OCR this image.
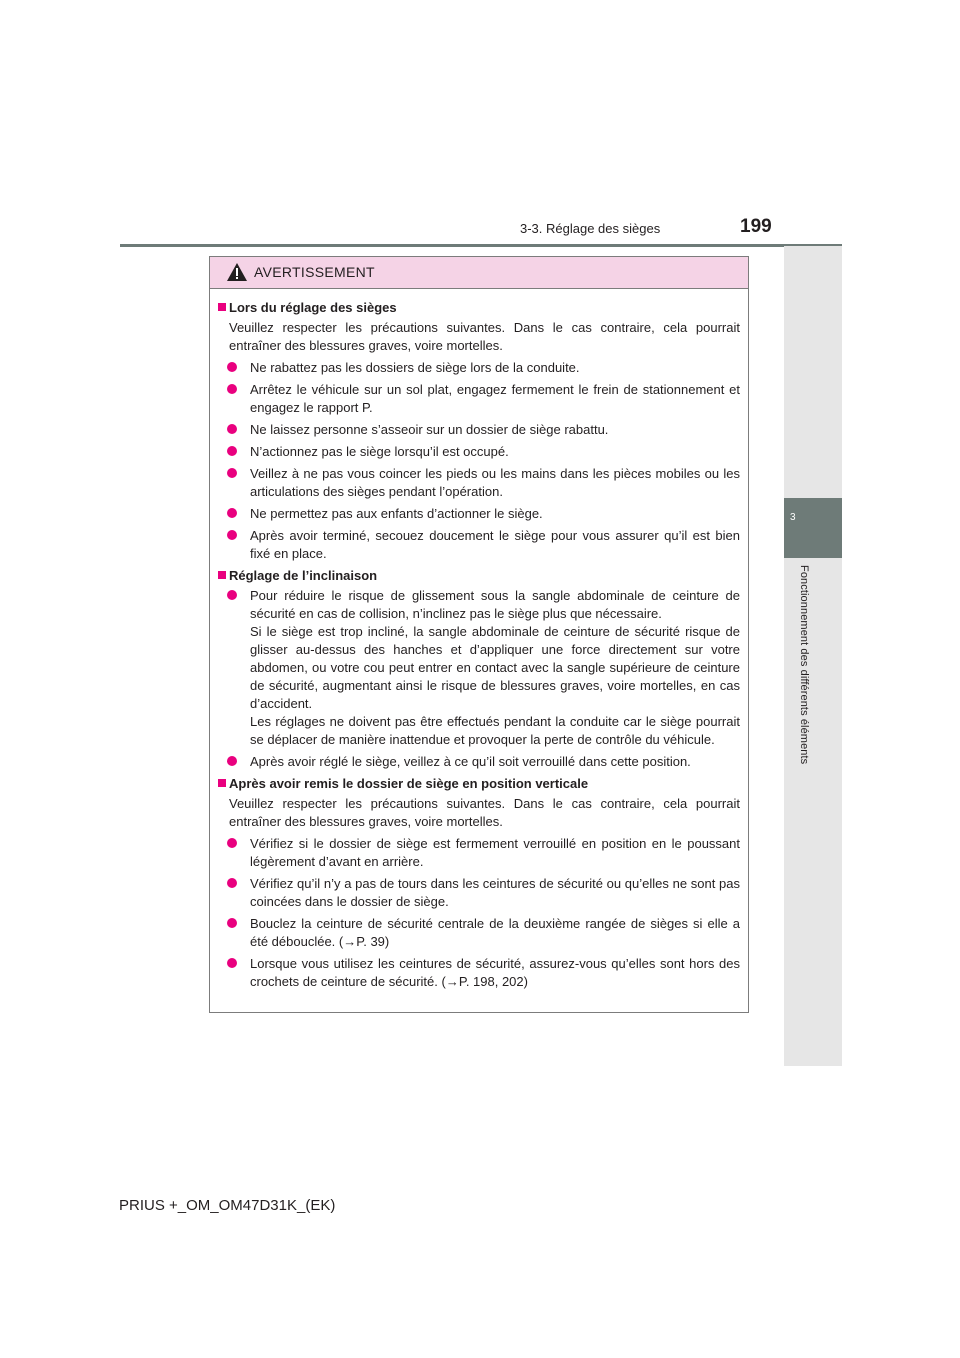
3-3. Réglage des sièges	199
3
Fonctionnement des différents éléments
AVERTISSEMENT
Lors du réglage des sièges
Veuillez respecter les précautions suivantes. Dans le cas contraire, cela pourrait entraîner des blessures graves, voire mortelles.
Ne rabattez pas les dossiers de siège lors de la conduite.
Arrêtez le véhicule sur un sol plat, engagez fermement le frein de stationnement et engagez le rapport P.
Ne laissez personne s’asseoir sur un dossier de siège rabattu.
N’actionnez pas le siège lorsqu’il est occupé.
Veillez à ne pas vous coincer les pieds ou les mains dans les pièces mobiles ou les articulations des sièges pendant l’opération.
Ne permettez pas aux enfants d’actionner le siège.
Après avoir terminé, secouez doucement le siège pour vous assurer qu’il est bien fixé en place.
Réglage de l’inclinaison
Pour réduire le risque de glissement sous la sangle abdominale de ceinture de sécurité en cas de collision, n’inclinez pas le siège plus que nécessaire.
Si le siège est trop incliné, la sangle abdominale de ceinture de sécurité risque de glisser au-dessus des hanches et d’appliquer une force directement sur votre abdomen, ou votre cou peut entrer en contact avec la sangle supérieure de ceinture de sécurité, augmentant ainsi le risque de blessures graves, voire mortelles, en cas d’accident.
Les réglages ne doivent pas être effectués pendant la conduite car le siège pourrait se déplacer de manière inattendue et provoquer la perte de contrôle du véhicule.
Après avoir réglé le siège, veillez à ce qu’il soit verrouillé dans cette position.
Après avoir remis le dossier de siège en position verticale
Veuillez respecter les précautions suivantes. Dans le cas contraire, cela pourrait entraîner des blessures graves, voire mortelles.
Vérifiez si le dossier de siège est fermement verrouillé en position en le poussant légèrement d’avant en arrière.
Vérifiez qu’il n’y a pas de tours dans les ceintures de sécurité ou qu’elles ne sont pas coincées dans le dossier de siège.
Bouclez la ceinture de sécurité centrale de la deuxième rangée de sièges si elle a été débouclée. (→P. 39)
Lorsque vous utilisez les ceintures de sécurité, assurez-vous qu’elles sont hors des crochets de ceinture de sécurité. (→P. 198, 202)
PRIUS +_OM_OM47D31K_(EK)
